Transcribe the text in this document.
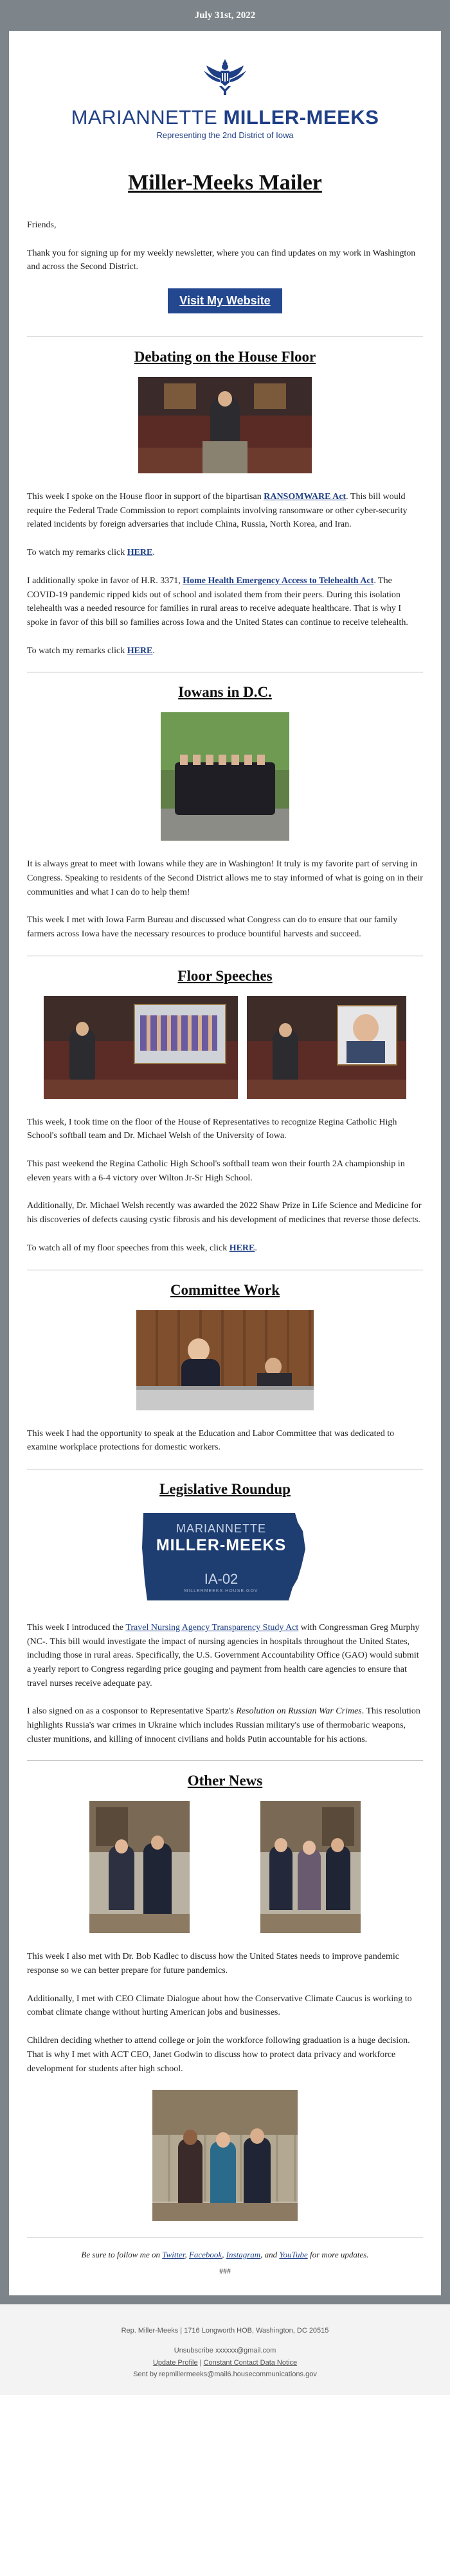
July 31st, 2022
MARIANNETTE MILLER-MEEKS
Representing the 2nd District of Iowa
Miller-Meeks Mailer

Friends,

Thank you for signing up for my weekly newsletter, where you can find updates on my work in Washington and across the Second District.

Visit My Website
Debating on the House Floor

This week I spoke on the House floor in support of the bipartisan RANSOMWARE Act. This bill would require the Federal Trade Commission to report complaints involving ransomware or other cyber-security related incidents by foreign adversaries that include China, Russia, North Korea, and Iran.

To watch my remarks click HERE.

I additionally spoke in favor of H.R. 3371, Home Health Emergency Access to Telehealth Act. The COVID-19 pandemic ripped kids out of school and isolated them from their peers. During this isolation telehealth was a needed resource for families in rural areas to receive adequate healthcare. That is why I spoke in favor of this bill so families across Iowa and the United States can continue to receive telehealth.

To watch my remarks click HERE.

Iowans in D.C.

It is always great to meet with Iowans while they are in Washington! It truly is my favorite part of serving in Congress. Speaking to residents of the Second District allows me to stay informed of what is going on in their communities and what I can do to help them!

This week I met with Iowa Farm Bureau and discussed what Congress can do to ensure that our family farmers across Iowa have the necessary resources to produce bountiful harvests and succeed.

Floor Speeches

This week, I took time on the floor of the House of Representatives to recognize Regina Catholic High School's softball team and Dr. Michael Welsh of the University of Iowa.

This past weekend the Regina Catholic High School's softball team won their fourth 2A championship in eleven years with a 6-4 victory over Wilton Jr-Sr High School.

Additionally, Dr. Michael Welsh recently was awarded the 2022 Shaw Prize in Life Science and Medicine for his discoveries of defects causing cystic fibrosis and his development of medicines that reverse those defects.

To watch all of my floor speeches from this week, click HERE.

Committee Work

This week I had the opportunity to speak at the Education and Labor Committee that was dedicated to examine workplace protections for domestic workers.

Legislative Roundup
MARIANNETTE
MILLER-MEEKS
IA-02
MILLERMEEKS.HOUSE.GOV

This week I introduced the Travel Nursing Agency Transparency Study Act with Congressman Greg Murphy (NC-. This bill would investigate the impact of nursing agencies in hospitals throughout the United States, including those in rural areas. Specifically, the U.S. Government Accountability Office (GAO) would submit a yearly report to Congress regarding price gouging and payment from health care agencies to ensure that travel nurses receive adequate pay.

I also signed on as a cosponsor to Representative Spartz's Resolution on Russian War Crimes. This resolution highlights Russia's war crimes in Ukraine which includes Russian military's use of thermobaric weapons, cluster munitions, and killing of innocent civilians and holds Putin accountable for his actions.

Other News

This week I also met with Dr. Bob Kadlec to discuss how the United States needs to improve pandemic response so we can better prepare for future pandemics.

Additionally, I met with CEO Climate Dialogue about how the Conservative Climate Caucus is working to combat climate change without hurting American jobs and businesses.

Children deciding whether to attend college or join the workforce following graduation is a huge decision. That is why I met with ACT CEO, Janet Godwin to discuss how to protect data privacy and workforce development for students after high school.

Be sure to follow me on Twitter, Facebook, Instagram, and YouTube for more updates.
###
Rep. Miller-Meeks | 1716 Longworth HOB, Washington, DC 20515
Unsubscribe xxxxxx@gmail.com
Update Profile | Constant Contact Data Notice
Sent by repmillermeeks@mail6.housecommunications.gov
